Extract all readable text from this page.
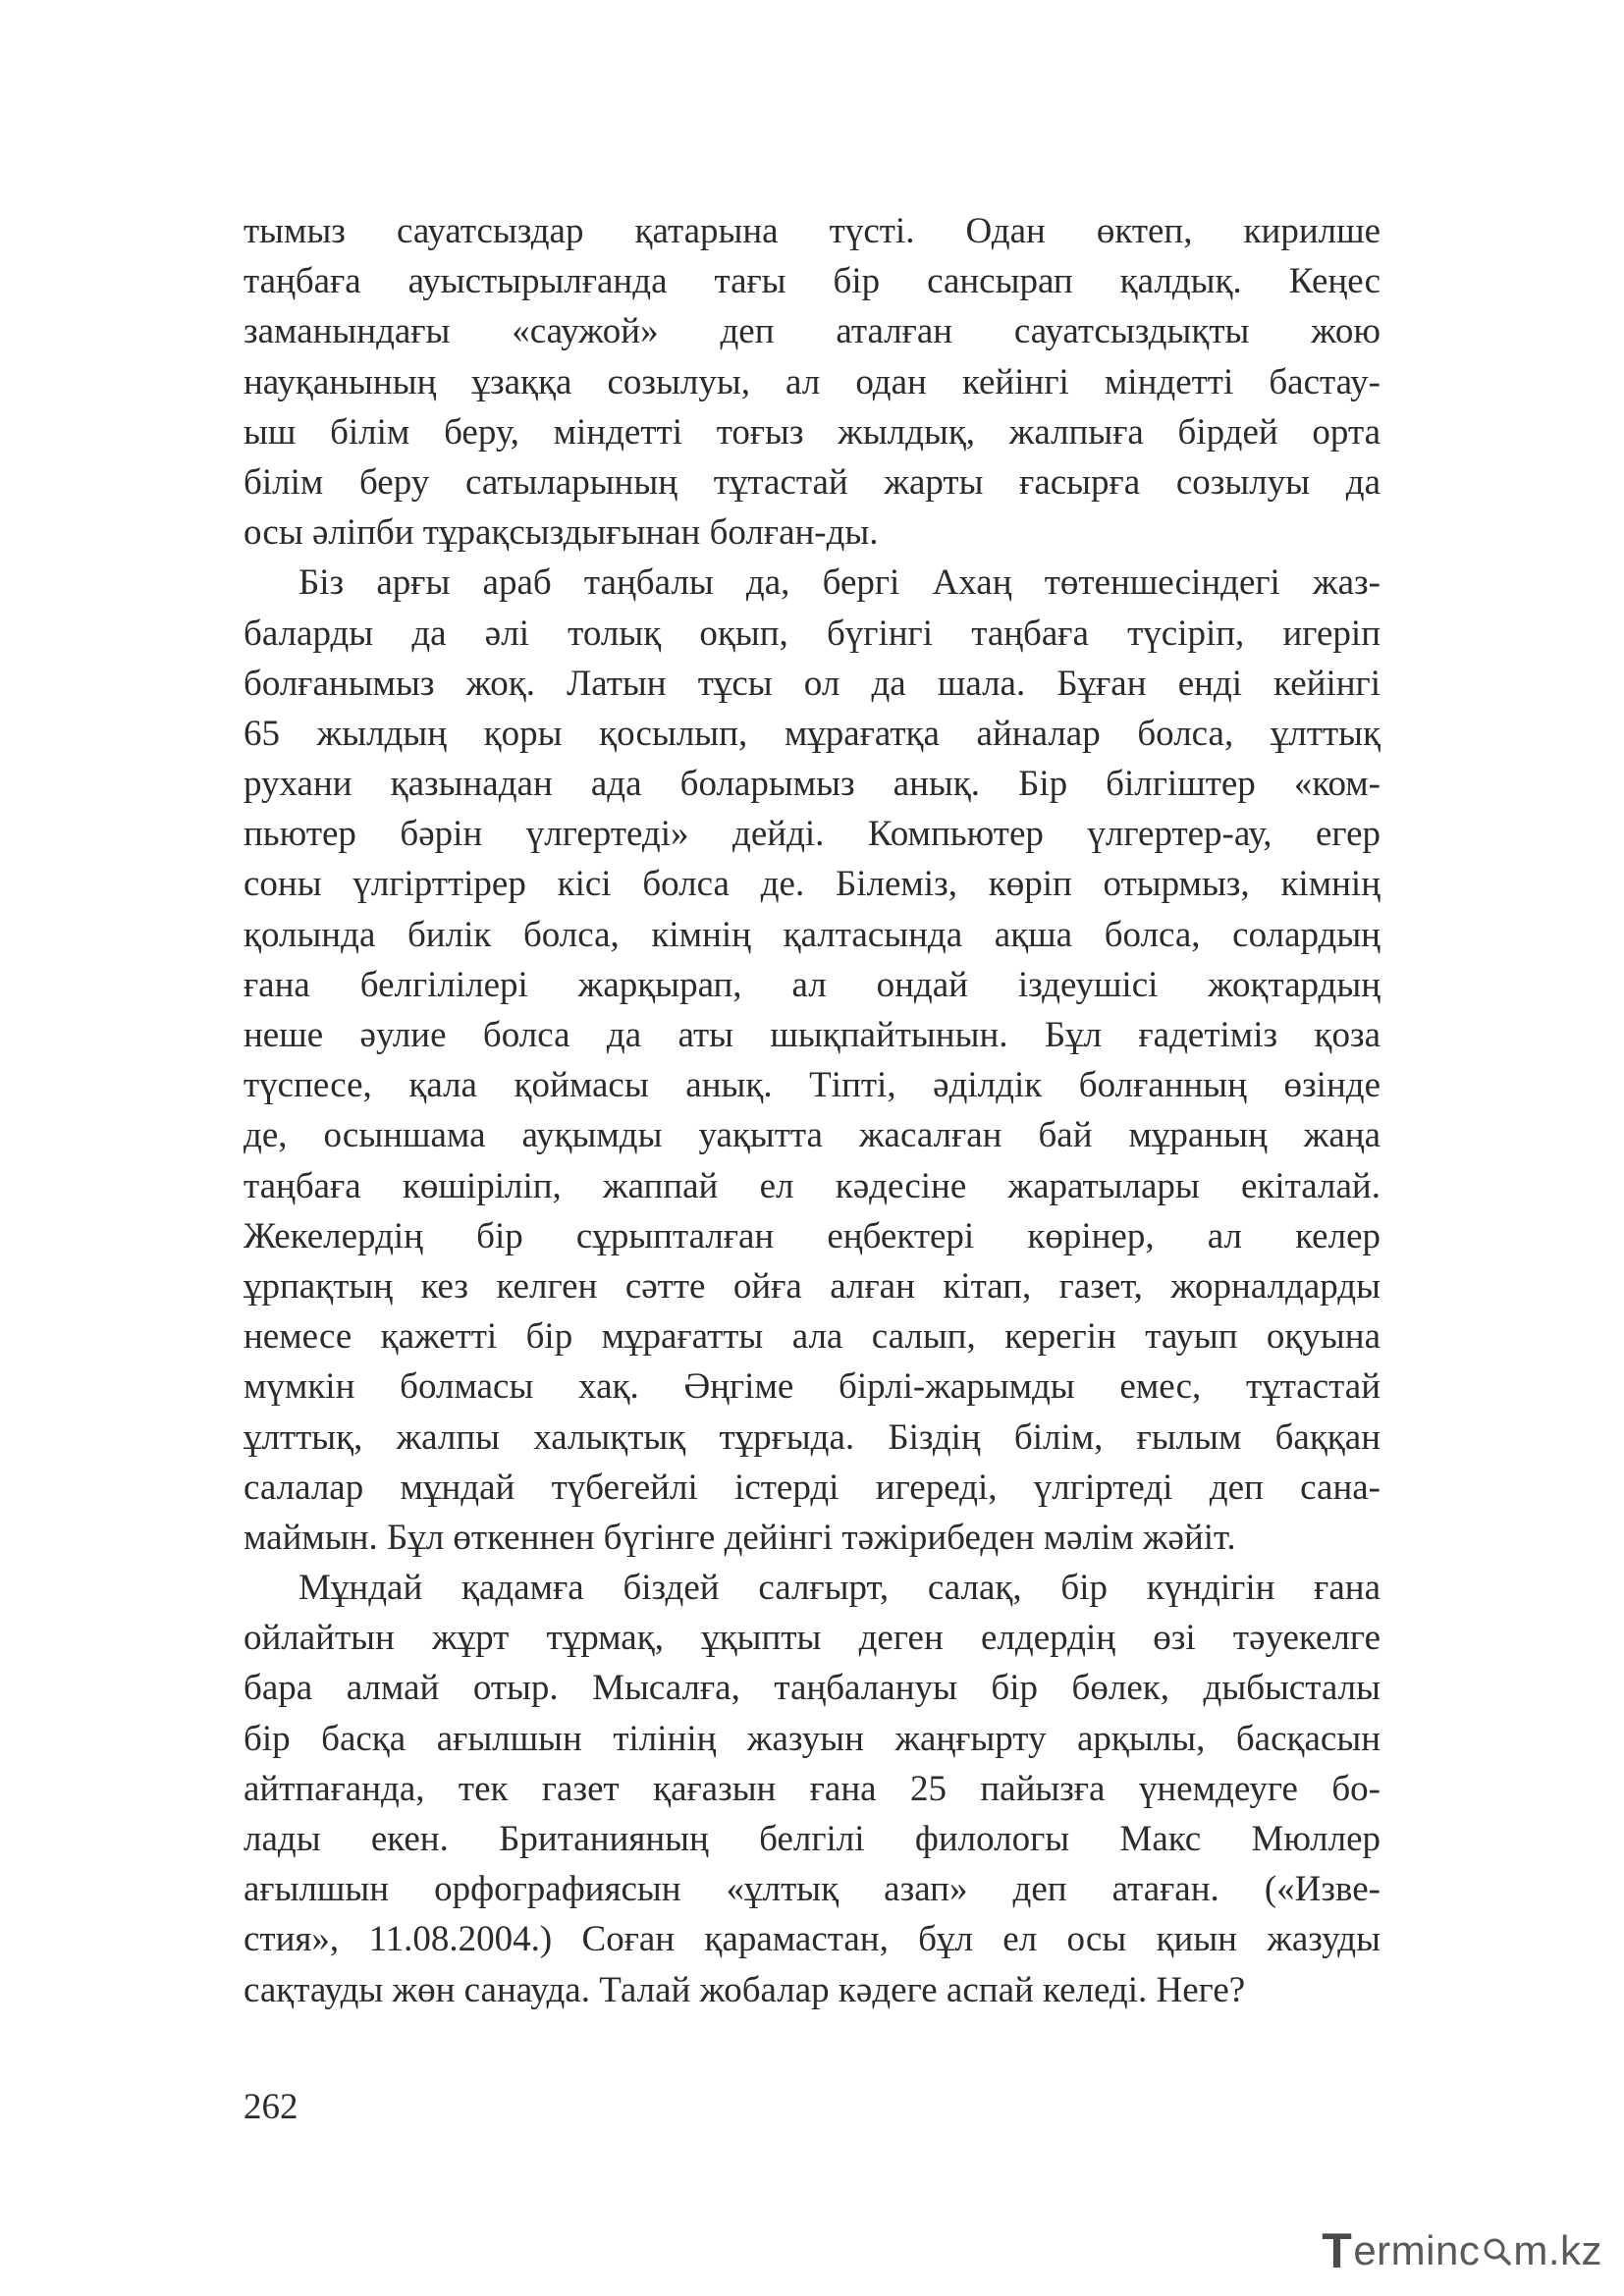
тымыз сауатсыздар қатарына түсті. Одан өктеп, кирилше
таңбаға ауыстырылғанда тағы бір сансырап қалдық. Кеңес
заманындағы «саужой» деп аталған сауатсыздықты жою
науқанының ұзаққа созылуы, ал одан кейінгі міндетті бастау-
ыш білім беру, міндетті тоғыз жылдық, жалпыға бірдей орта
білім беру сатыларының тұтастай жарты ғасырға созылуы да
осы әліпби тұрақсыздығынан болған-ды.
Біз арғы араб таңбалы да, бергі Ахаң төтеншесіндегі жаз-
баларды да әлі толық оқып, бүгінгі таңбаға түсіріп, игеріп
болғанымыз жоқ. Латын тұсы ол да шала. Бұған енді кейінгі
65 жылдың қоры қосылып, мұрағатқа айналар болса, ұлттық
рухани қазынадан ада боларымыз анық. Бір білгіштер «ком-
пьютер бәрін үлгертеді» дейді. Компьютер үлгертер-ау, егер
соны үлгірттірер кісі болса де. Білеміз, көріп отырмыз, кімнің
қолында билік болса, кімнің қалтасында ақша болса, солардың
ғана белгілілері жарқырап, ал ондай іздеушісі жоқтардың
неше әулие болса да аты шықпайтынын. Бұл ғадетіміз қоза
түспесе, қала қоймасы анық. Тіпті, әділдік болғанның өзінде
де, осыншама ауқымды уақытта жасалған бай мұраның жаңа
таңбаға көшіріліп, жаппай ел кәдесіне жаратылары екіталай.
Жекелердің бір сұрыпталған еңбектері көрінер, ал келер
ұрпақтың кез келген сәтте ойға алған кітап, газет, жорналдарды
немесе қажетті бір мұрағатты ала салып, керегін тауып оқуына
мүмкін болмасы хақ. Әңгіме бірлі-жарымды емес, тұтастай
ұлттық, жалпы халықтық тұрғыда. Біздің білім, ғылым баққан
салалар мұндай түбегейлі істерді игереді, үлгіртеді деп сана-
маймын. Бұл өткеннен бүгінге дейінгі тәжірибеден мәлім жәйіт.
Мұндай қадамға біздей салғырт, салақ, бір күндігін ғана
ойлайтын жұрт тұрмақ, ұқыпты деген елдердің өзі тәуекелге
бара алмай отыр. Мысалға, таңбалануы бір бөлек, дыбысталы
бір басқа ағылшын тілінің жазуын жаңғырту арқылы, басқасын
айтпағанда, тек газет қағазын ғана 25 пайызға үнемдеуге бо-
лады екен. Британияның белгілі филологы Макс Мюллер
ағылшын орфографиясын «ұлтық азап» деп атаған. («Изве-
стия», 11.08.2004.) Соған қарамастан, бұл ел осы қиын жазуды
сақтауды жөн санауда. Талай жобалар кәдеге аспай келеді. Неге?
262
T erminc m.kz
